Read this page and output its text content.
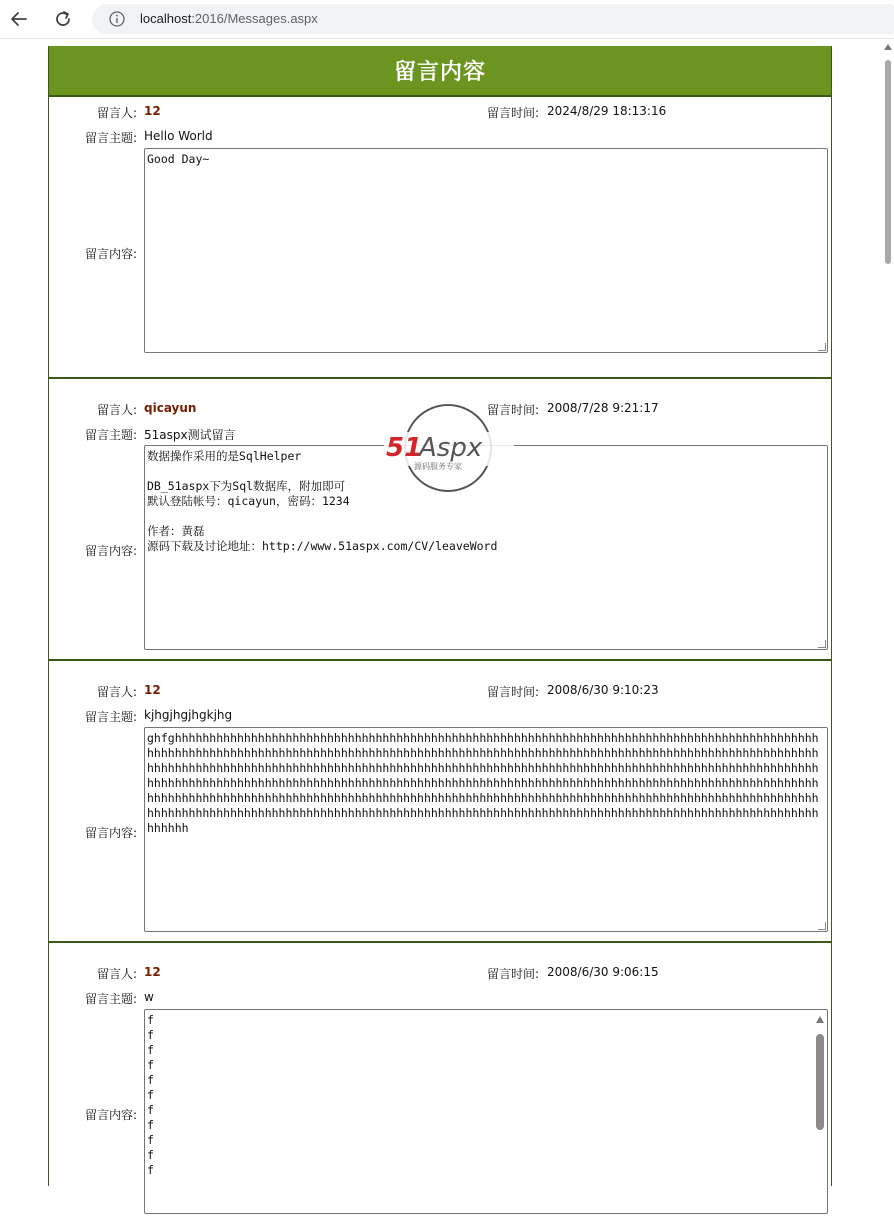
localhost:2016/Messages.aspx
留言内容
留言人: 12	留言时间: 2024/8/29 18:13:16
留言主题: Hello World
留言内容:
Good Day~
留言人: qicayun	留言时间: 2008/7/28 9:21:17
留言主题: 51aspx测试留言
留言内容:
数据操作采用的是SqlHelper

DB_51aspx下为Sql数据库，附加即可
默认登陆帐号：qicayun，密码：1234

作者：黄磊
源码下载及讨论地址：http://www.51aspx.com/CV/leaveWord
留言人: 12	留言时间: 2008/6/30 9:10:23
留言主题: kjhgjhgjhgkjhg
留言内容:
ghfghhhhhhhhhhhhhhhhhhhhhhhhhhhhhhhhhhhhhhhhhhhhhhhhhhhhhhhhhhhhhhhhhhhhhhhhhhhhhhhhhhhhhhhhhhhhhhhhhhhhhhhhhhhhhhhhhhhhhhhhhhhhhhhhhhhhhhhhhhhhhhhhhhhhhhhhhhhhhhhhhhhhhhhhhhhhhhhhhhhhhhhhhhhhhhhhhhhhhhhhhhhhhhhhhhhhhhhhhhhhhhhhhhhhhhhhhhhhhhhhhhhhhhhhhhhhhhhhhhhhhhhhhhhhhhhhhhhhhhhhhhhhhhhhhhhhhhhhhhhhhhhhhhhhhhhhhhhhhhhhhhhhhhhhhhhhhhhhhhhhhhhhhhhhhhhhhhhhhhhhhhhhhhhhhhhhhhhhhhhhhhhhhhhhhhhhhhhhhhhhhhhhhhhhhhhhhhhhhhhhhhhhhhhhhhhhhhhhhhhhhhhhhhhhhhhhhhhhhhhhhhhhhhhhhhhhhhhhhhhhhhhhhhhhhhhhhhhhhhhhhhhhhhhhhhhhhhhhhhhhhhhhhhhhhhhhhhhhhhhhhhhhhhhhhhhhhhhhhhhhhhhhhhhhhhhhhhhhhhhhhhhh
留言人: 12	留言时间: 2008/6/30 9:06:15
留言主题: w
留言内容:
f
f
f
f
f
f
f
f
f
f
f

51
Aspx
源码服务专家
